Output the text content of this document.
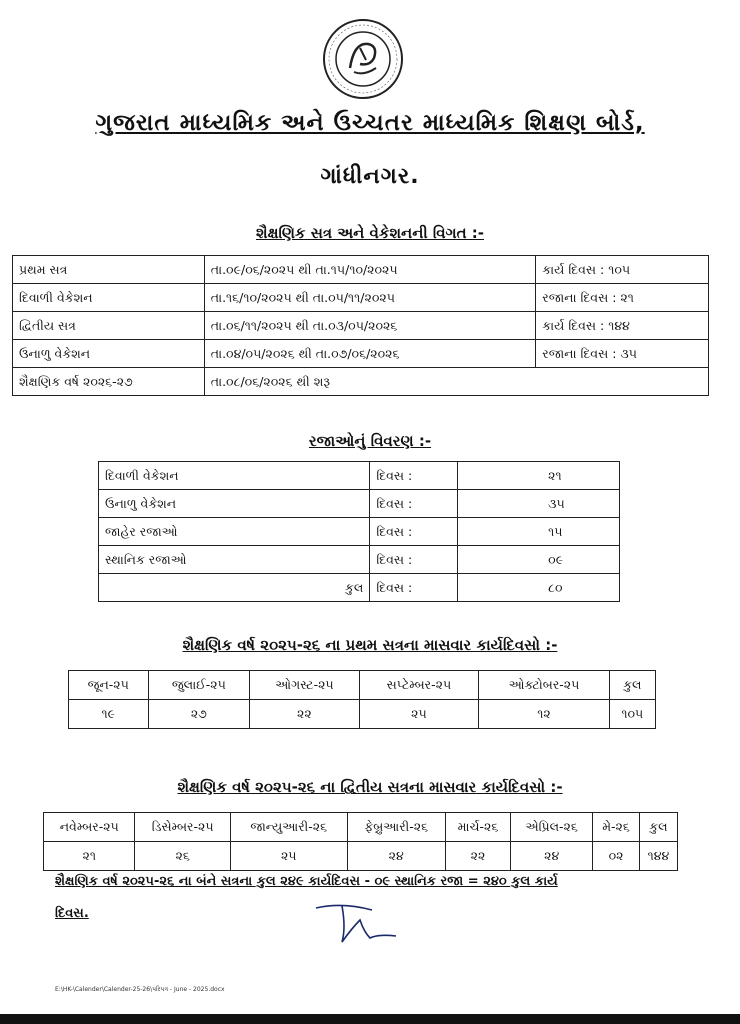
ગુજરાત માધ્યમિક અને ઉચ્ચતર માધ્યમિક શિક્ષણ બોર્ડ,
ગાંધીનગર.
શૈક્ષણિક સત્ર અને વેકેશનની વિગત :-
પ્રથમ સત્ર	તા.૦૯/૦૬/૨૦૨૫ થી તા.૧૫/૧૦/૨૦૨૫	કાર્ય દિવસ : ૧૦૫
દિવાળી વેકેશન	તા.૧૬/૧૦/૨૦૨૫ થી તા.૦૫/૧૧/૨૦૨૫	રજાના દિવસ : ૨૧
દ્વિતીય સત્ર	તા.૦૬/૧૧/૨૦૨૫ થી તા.૦૩/૦૫/૨૦૨૬	કાર્ય દિવસ : ૧૪૪
ઉનાળુ વેકેશન	તા.૦૪/૦૫/૨૦૨૬ થી તા.૦૭/૦૬/૨૦૨૬	રજાના દિવસ : ૩૫
શૈક્ષણિક વર્ષ ૨૦૨૬-૨૭	તા.૦૮/૦૬/૨૦૨૬ થી શરૂ	
રજાઓનું વિવરણ :-
દિવાળી વેકેશન	દિવસ :	૨૧
ઉનાળુ વેકેશન	દિવસ :	૩૫
જાહેર રજાઓ	દિવસ :	૧૫
સ્થાનિક રજાઓ	દિવસ :	૦૯
કુલ	દિવસ :	૮૦
શૈક્ષણિક વર્ષ ૨૦૨૫-૨૬ ના પ્રથમ સત્રના માસવાર કાર્યદિવસો :-
જૂન-૨૫	જુલાઈ-૨૫	ઓગસ્ટ-૨૫	સપ્ટેમ્બર-૨૫	ઓક્ટોબર-૨૫	કુલ
૧૯	૨૭	૨૨	૨૫	૧૨	૧૦૫
શૈક્ષણિક વર્ષ ૨૦૨૫-૨૬ ના દ્વિતીય સત્રના માસવાર કાર્યદિવસો :-
નવેમ્બર-૨૫	ડિસેમ્બર-૨૫	જાન્યુઆરી-૨૬	ફેબ્રુઆરી-૨૬	માર્ચ-૨૬	એપ્રિલ-૨૬	મે-૨૬	કુલ
૨૧	૨૬	૨૫	૨૪	૨૨	૨૪	૦૨	૧૪૪
શૈક્ષણિક વર્ષ ૨૦૨૫-૨૬ ના બંને સત્રના કુલ ૨૪૯ કાર્યદિવસ - ૦૯ સ્થાનિક રજા = ૨૪૦ કુલ કાર્ય
દિવસ.
E:\HK-\Calender\Calender-25-26\પરિપત્ર - June - 2025.docx
